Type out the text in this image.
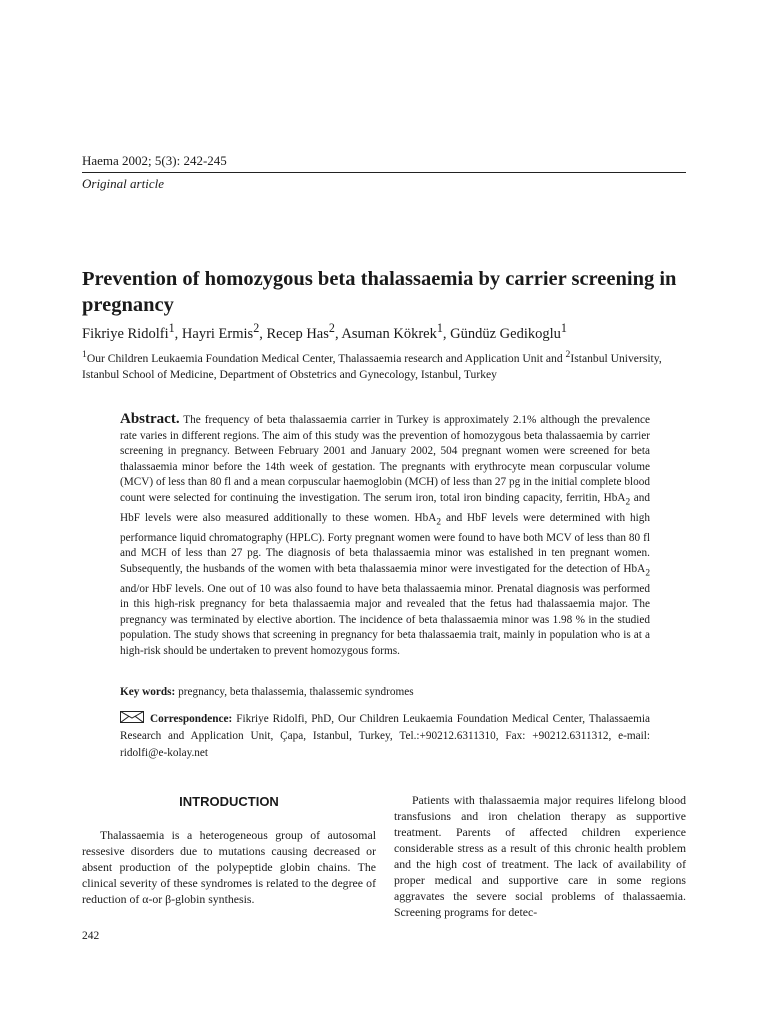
Haema 2002; 5(3): 242-245
Original article
Prevention of homozygous beta thalassaemia by carrier screening in pregnancy
Fikriye Ridolfi$^1$, Hayri Ermis$^2$, Recep Has$^2$, Asuman Kökrek$^1$, Gündüz Gedikoglu$^1$
$^1$Our Children Leukaemia Foundation Medical Center, Thalassaemia research and Application Unit and $^2$Istanbul University, Istanbul School of Medicine, Department of Obstetrics and Gynecology, Istanbul, Turkey
Abstract. The frequency of beta thalassaemia carrier in Turkey is approximately 2.1% although the prevalence rate varies in different regions. The aim of this study was the prevention of homozygous beta thalassaemia by carrier screening in pregnancy. Between February 2001 and January 2002, 504 pregnant women were screened for beta thalassaemia minor before the 14th week of gestation. The pregnants with erythrocyte mean corpuscular volume (MCV) of less than 80 fl and a mean corpuscular haemoglobin (MCH) of less than 27 pg in the initial complete blood count were selected for continuing the investigation. The serum iron, total iron binding capacity, ferritin, HbA$_2$ and HbF levels were also measured additionally to these women. HbA$_2$ and HbF levels were determined with high performance liquid chromatography (HPLC). Forty pregnant women were found to have both MCV of less than 80 fl and MCH of less than 27 pg. The diagnosis of beta thalassaemia minor was estalished in ten pregnant women. Subsequently, the husbands of the women with beta thalassaemia minor were investigated for the detection of HbA$_2$ and/or HbF levels. One out of 10 was also found to have beta thalassaemia minor. Prenatal diagnosis was performed in this high-risk pregnancy for beta thalassaemia major and revealed that the fetus had thalassaemia major. The pregnancy was terminated by elective abortion. The incidence of beta thalassaemia minor was 1.98 % in the studied population. The study shows that screening in pregnancy for beta thalassaemia trait, mainly in population who is at a high-risk should be undertaken to prevent homozygous forms.
Key words: pregnancy, beta thalassemia, thalassemic syndromes
Correspondence: Fikriye Ridolfi, PhD, Our Children Leukaemia Foundation Medical Center, Thalassaemia Research and Application Unit, Çapa, Istanbul, Turkey, Tel.:+90212.6311310, Fax: +90212.6311312, e-mail: ridolfi@e-kolay.net
INTRODUCTION

Thalassaemia is a heterogeneous group of autosomal ressesive disorders due to mutations causing decreased or absent production of the polypeptide globin chains. The clinical severity of these syndromes is related to the degree of reduction of α-or β-globin synthesis.

Patients with thalassaemia major requires lifelong blood transfusions and iron chelation therapy as supportive treatment. Parents of affected children experience considerable stress as a result of this chronic health problem and the high cost of treatment. The lack of availability of proper medical and supportive care in some regions aggravates the severe social problems of thalassaemia. Screening programs for detec-

242
